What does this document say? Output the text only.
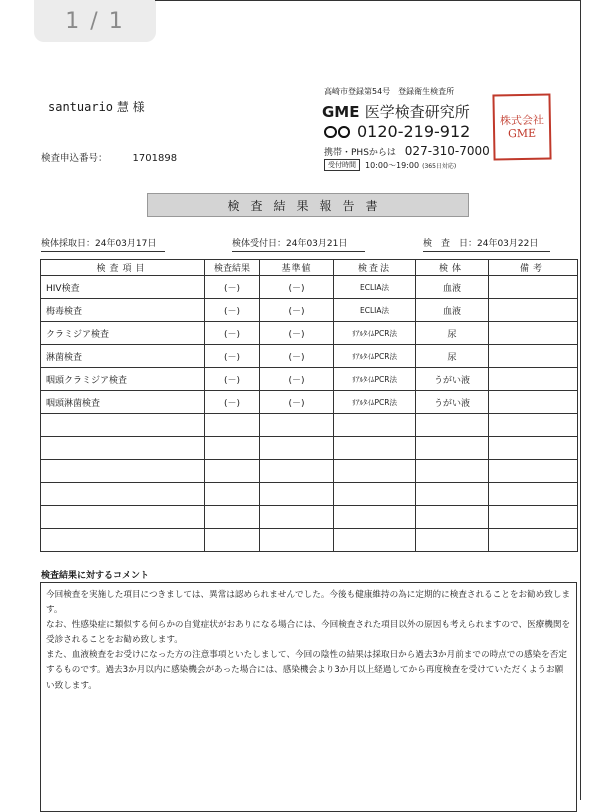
1 / 1
santuario 慧 様
検査申込番号：	1701898
高崎市登録第54号　登録衛生検査所
GME 医学検査研究所
0120-219-912
携帯・PHSからは 027-310-7000
受付時間	10:00～19:00 (365日対応)
株式会社GME
検査結果報告書
検体採取日：24年03月17日	検体受付日：24年03月21日	検　査　日：24年03月22日
検査項目	検査結果	基準値	検査法	検体	備考
HIV検査	(－)	(－)	ECLIA法	血液	
梅毒検査	(－)	(－)	ECLIA法	血液	
クラミジア検査	(－)	(－)	ﾘｱﾙﾀｲﾑPCR法	尿	
淋菌検査	(－)	(－)	ﾘｱﾙﾀｲﾑPCR法	尿	
咽頭クラミジア検査	(－)	(－)	ﾘｱﾙﾀｲﾑPCR法	うがい液	
咽頭淋菌検査	(－)	(－)	ﾘｱﾙﾀｲﾑPCR法	うがい液	

検査結果に対するコメント

今回検査を実施した項目につきましては、異常は認められませんでした。今後も健康維持の為に定期的に検査されることをお勧め致します。

なお、性感染症に類似する何らかの自覚症状がおありになる場合には、今回検査された項目以外の原因も考えられますので、医療機関を受診されることをお勧め致します。

また、血液検査をお受けになった方の注意事項といたしまして、今回の陰性の結果は採取日から過去3か月前までの時点での感染を否定するものです。過去3か月以内に感染機会があった場合には、感染機会より3か月以上経過してから再度検査を受けていただくようお願い致します。
